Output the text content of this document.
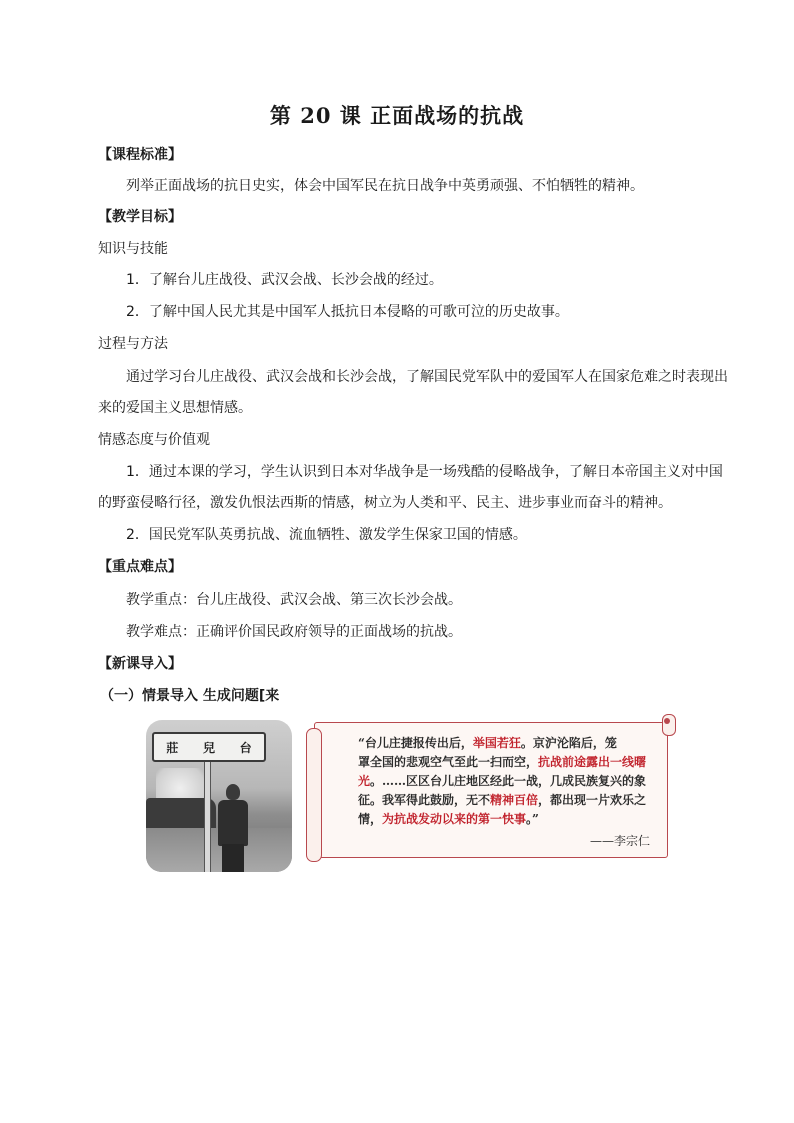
第 20 课 正面战场的抗战
【课程标准】
列举正面战场的抗日史实，体会中国军民在抗日战争中英勇顽强、不怕牺牲的精神。
【教学目标】
知识与技能
1．了解台儿庄战役、武汉会战、长沙会战的经过。
2．了解中国人民尤其是中国军人抵抗日本侵略的可歌可泣的历史故事。
过程与方法
通过学习台儿庄战役、武汉会战和长沙会战，了解国民党军队中的爱国军人在国家危难之时表现出
来的爱国主义思想情感。
情感态度与价值观
1．通过本课的学习，学生认识到日本对华战争是一场残酷的侵略战争，了解日本帝国主义对中国
的野蛮侵略行径，激发仇恨法西斯的情感，树立为人类和平、民主、进步事业而奋斗的精神。
2．国民党军队英勇抗战、流血牺牲、激发学生保家卫国的情感。
【重点难点】
教学重点：台儿庄战役、武汉会战、第三次长沙会战。
教学难点：正确评价国民政府领导的正面战场的抗战。
【新课导入】
（一）情景导入 生成问题[来
莊 兒 台	“台儿庄捷报传出后，举国若狂。京沪沦陷后，笼
罩全国的悲观空气至此一扫而空，抗战前途露出一线曙
光。……区区台儿庄地区经此一战，几成民族复兴的象
征。我军得此鼓励，无不精神百倍，都出现一片欢乐之
情，为抗战发动以来的第一快事。”
——李宗仁
